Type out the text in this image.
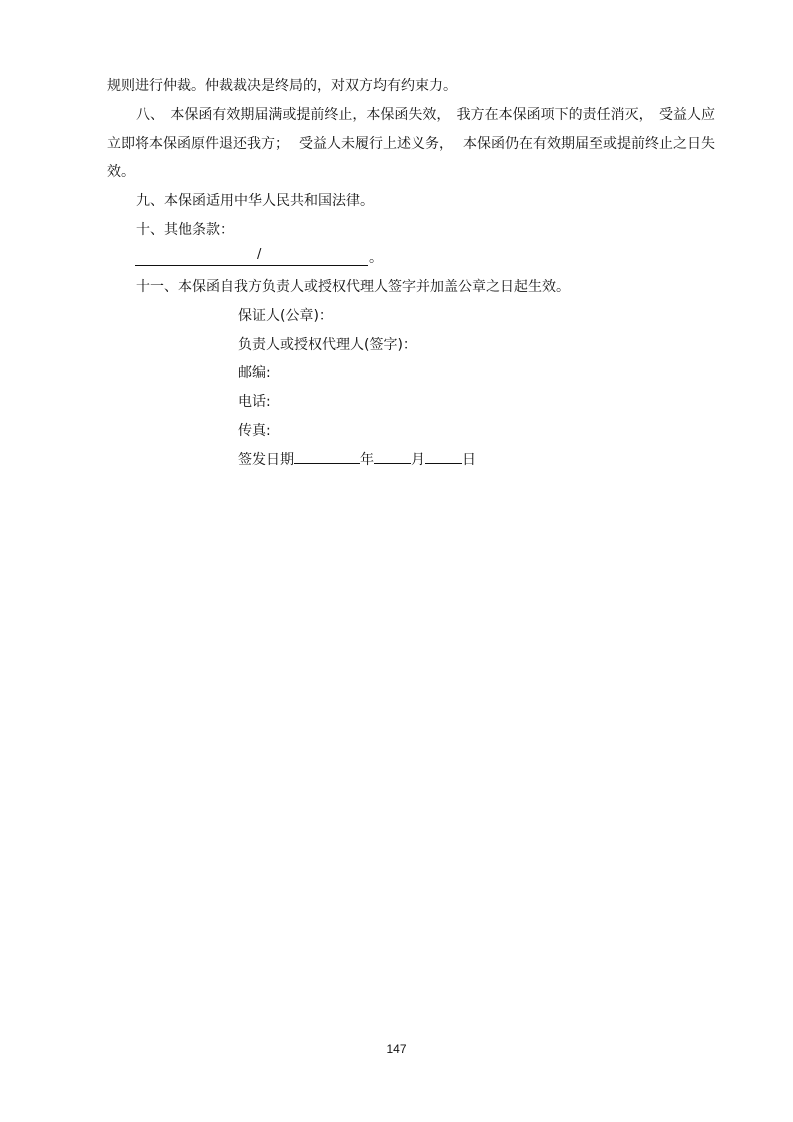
规则进行仲裁。仲裁裁决是终局的，对双方均有约束力。
八、 本保函有效期届满或提前终止，本保函失效， 我方在本保函项下的责任消灭， 受益人应
立即将本保函原件退还我方； 受益人未履行上述义务， 本保函仍在有效期届至或提前终止之日失
效。
九、本保函适用中华人民共和国法律。
十、其他条款：
/	。
十一、本保函自我方负责人或授权代理人签字并加盖公章之日起生效。
保证人(公章)：
负责人或授权代理人(签字)：
邮编:
电话:
传真:
签发日期	年	月	日
147
